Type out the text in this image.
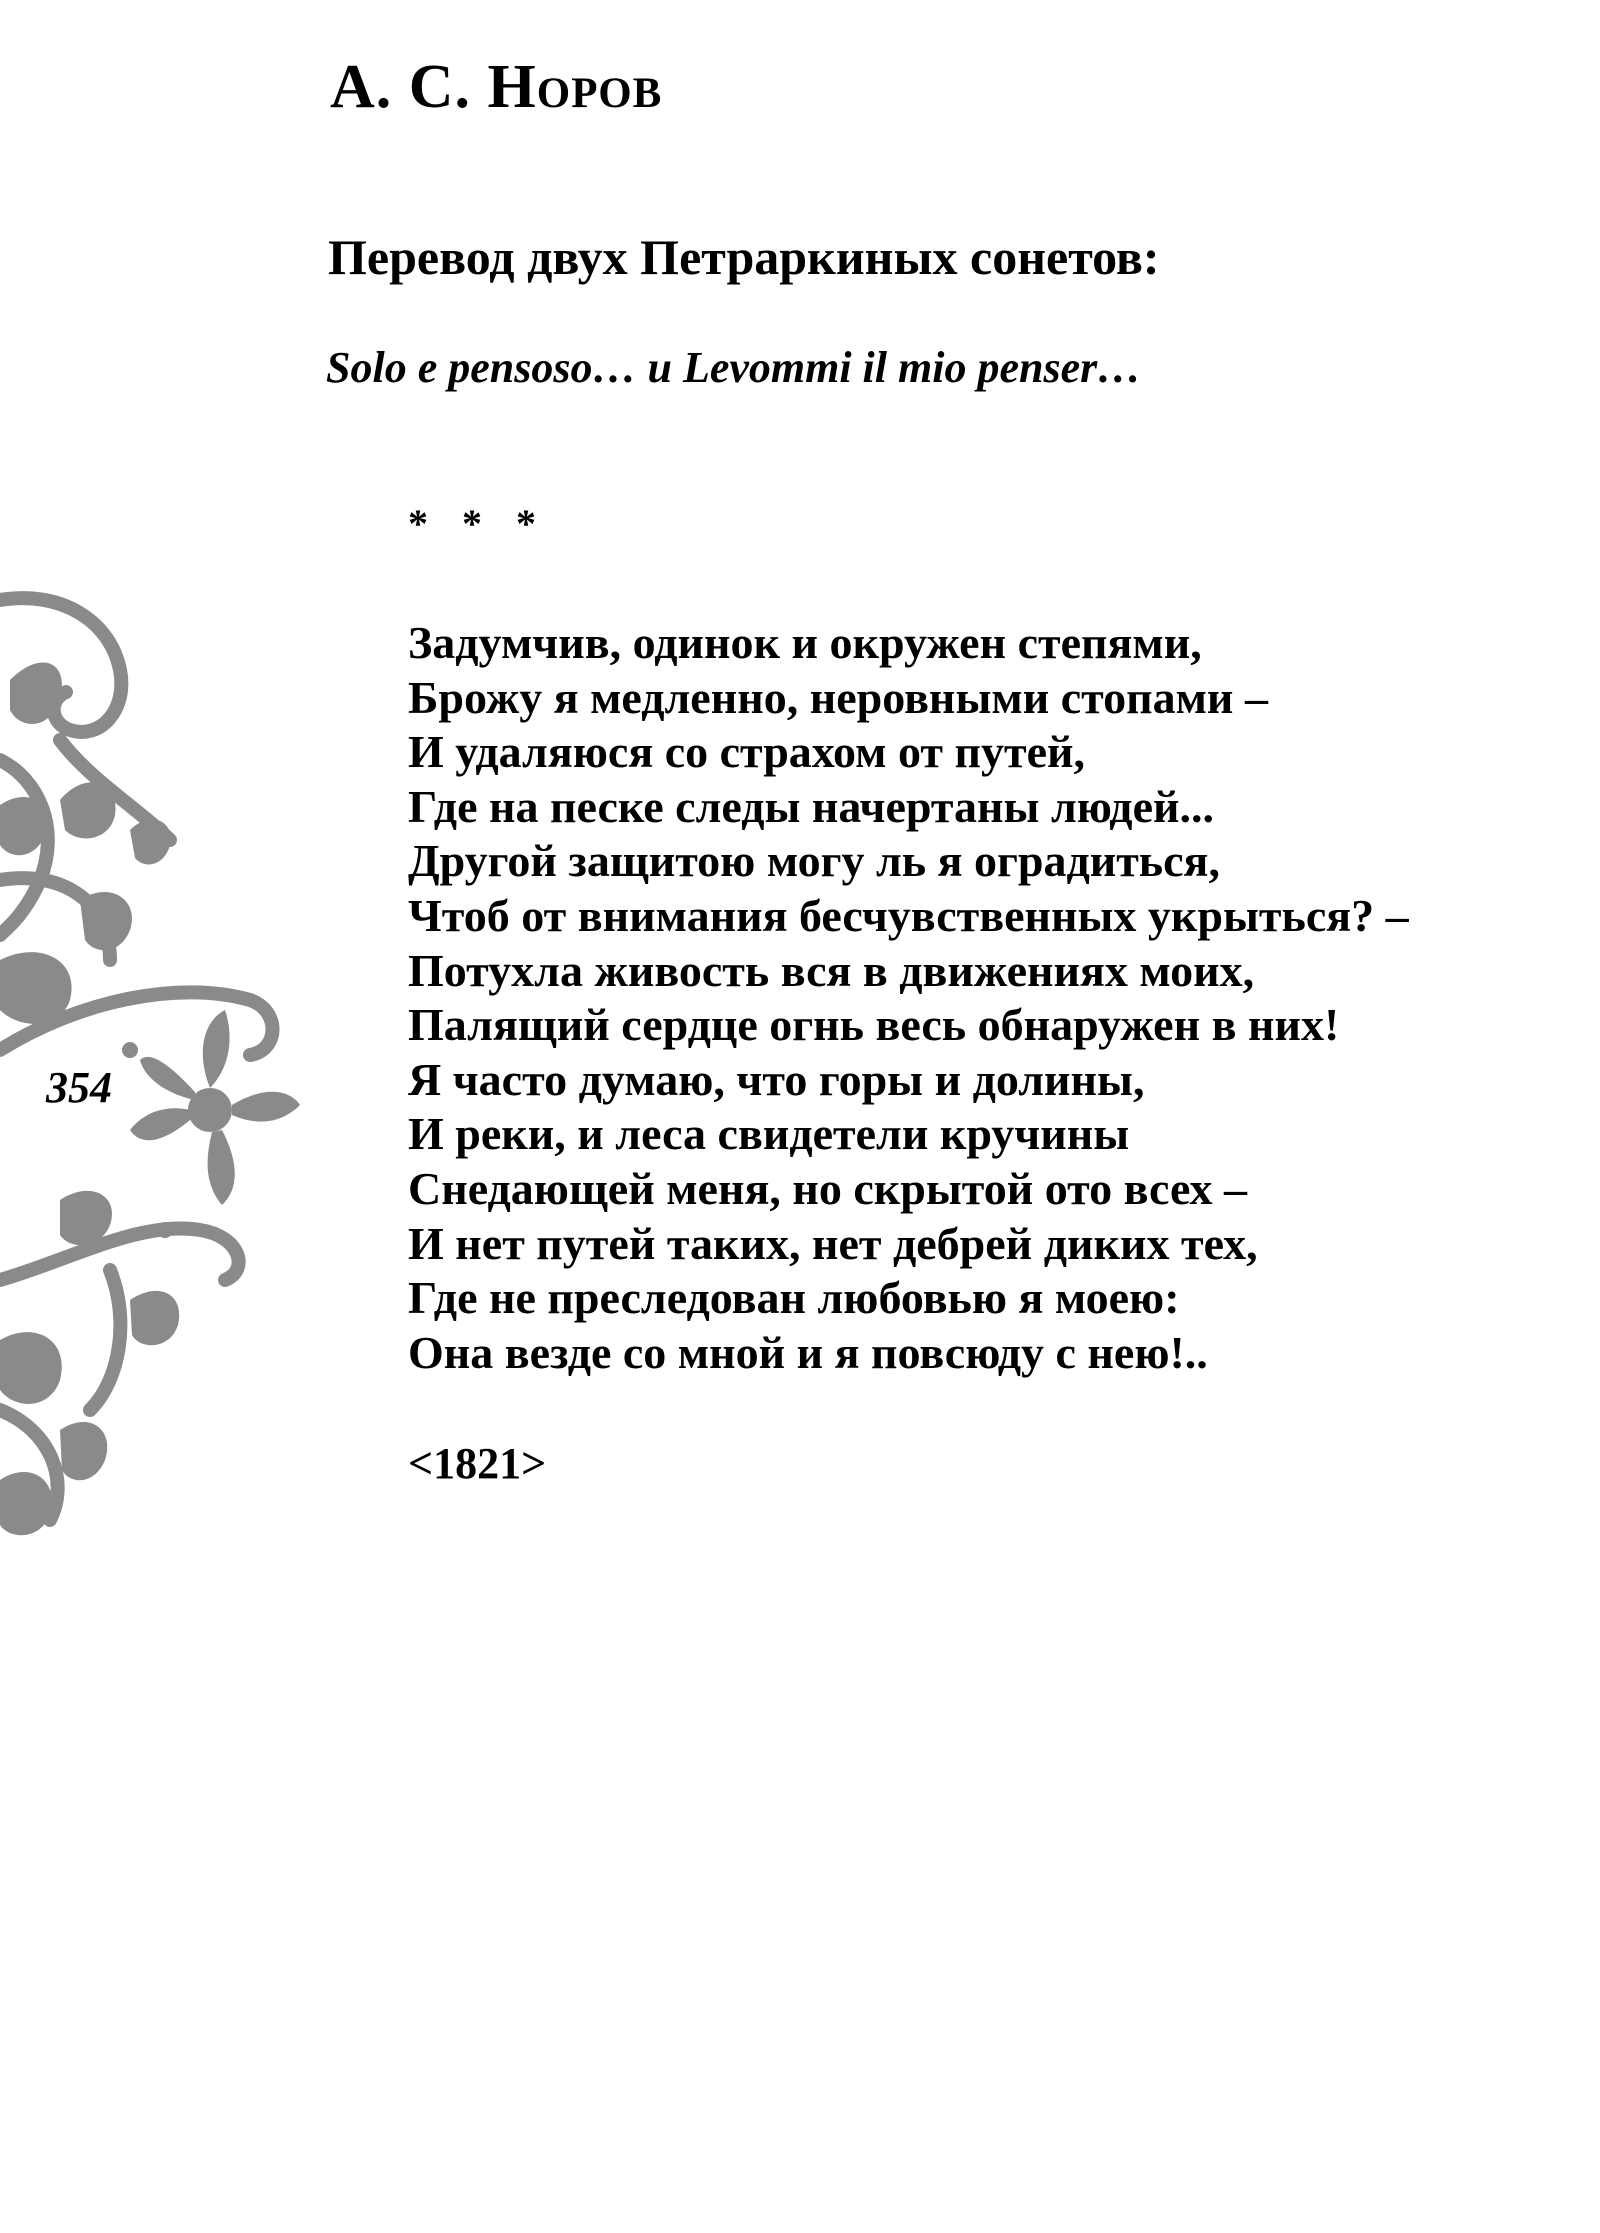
А. С. Норов
Перевод двух Петраркиных сонетов:
Solo e pensoso… и Levommi il mio penser…
* * *
Задумчив, одинок и окружен степями,
Брожу я медленно, неровными стопами –
И удаляюся со страхом от путей,
Где на песке следы начертаны людей...
Другой защитою могу ль я оградиться,
Чтоб от внимания бесчувственных укрыться? –
Потухла живость вся в движениях моих,
Палящий сердце огнь весь обнаружен в них!
Я часто думаю, что горы и долины,
И реки, и леса свидетели кручины
Снедающей меня, но скрытой ото всех –
И нет путей таких, нет дебрей диких тех,
Где не преследован любовью я моею:
Она везде со мной и я повсюду с нею!..
<1821>
354
